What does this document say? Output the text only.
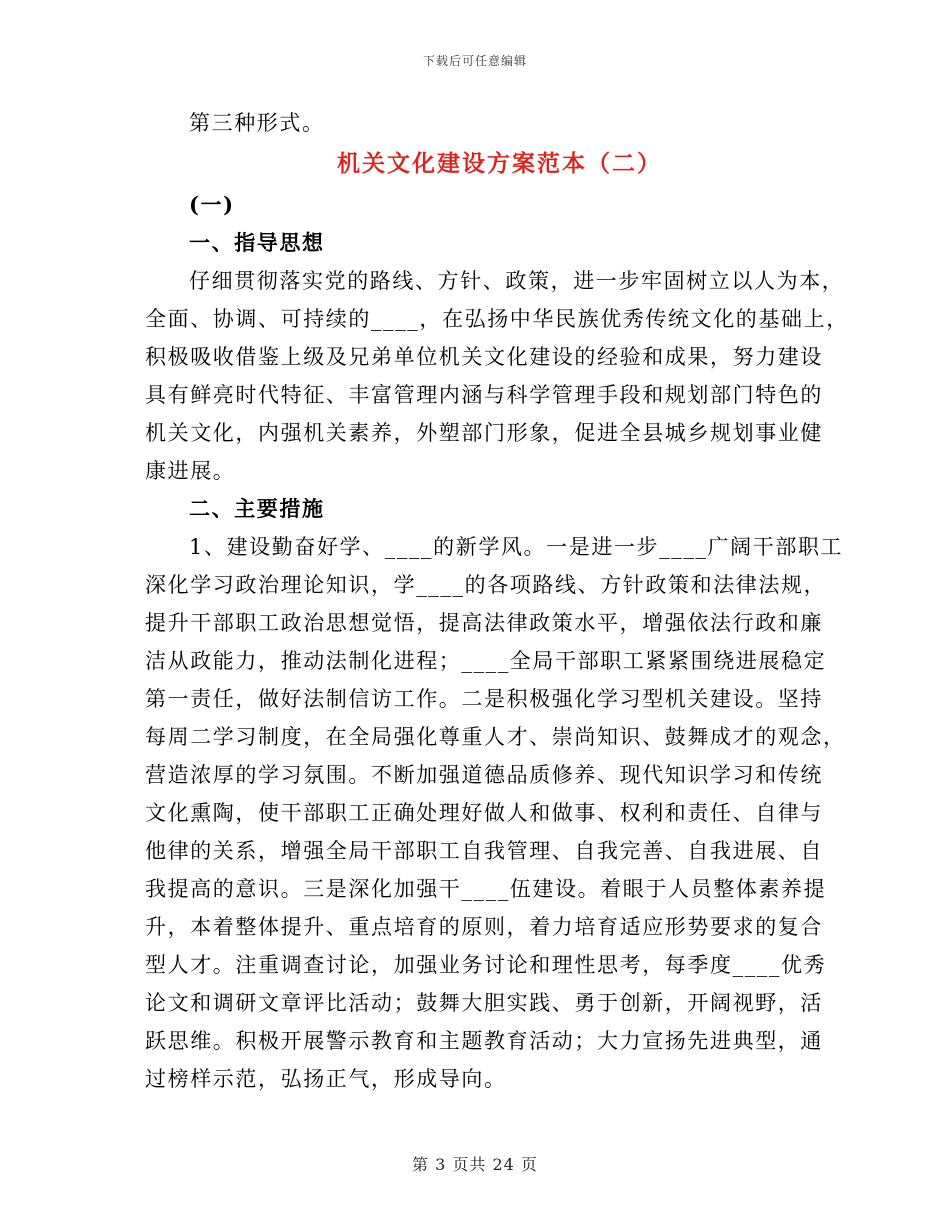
下载后可任意编辑

第三种形式。

机关文化建设方案范本（二）

(一)

一、指导思想

仔细贯彻落实党的路线、方针、政策，进一步牢固树立以人为本，

全面、协调、可持续的____，在弘扬中华民族优秀传统文化的基础上，

积极吸收借鉴上级及兄弟单位机关文化建设的经验和成果，努力建设

具有鲜亮时代特征、丰富管理内涵与科学管理手段和规划部门特色的

机关文化，内强机关素养，外塑部门形象，促进全县城乡规划事业健

康进展。

二、主要措施

1、建设勤奋好学、____的新学风。一是进一步____广阔干部职工

深化学习政治理论知识，学____的各项路线、方针政策和法律法规，

提升干部职工政治思想觉悟，提高法律政策水平，增强依法行政和廉

洁从政能力，推动法制化进程；____全局干部职工紧紧围绕进展稳定

第一责任，做好法制信访工作。二是积极强化学习型机关建设。坚持

每周二学习制度，在全局强化尊重人才、崇尚知识、鼓舞成才的观念，

营造浓厚的学习氛围。不断加强道德品质修养、现代知识学习和传统

文化熏陶，使干部职工正确处理好做人和做事、权利和责任、自律与

他律的关系，增强全局干部职工自我管理、自我完善、自我进展、自

我提高的意识。三是深化加强干____伍建设。着眼于人员整体素养提

升，本着整体提升、重点培育的原则，着力培育适应形势要求的复合

型人才。注重调查讨论，加强业务讨论和理性思考，每季度____优秀

论文和调研文章评比活动；鼓舞大胆实践、勇于创新，开阔视野，活

跃思维。积极开展警示教育和主题教育活动；大力宣扬先进典型，通

过榜样示范，弘扬正气，形成导向。

第 3 页共 24 页
